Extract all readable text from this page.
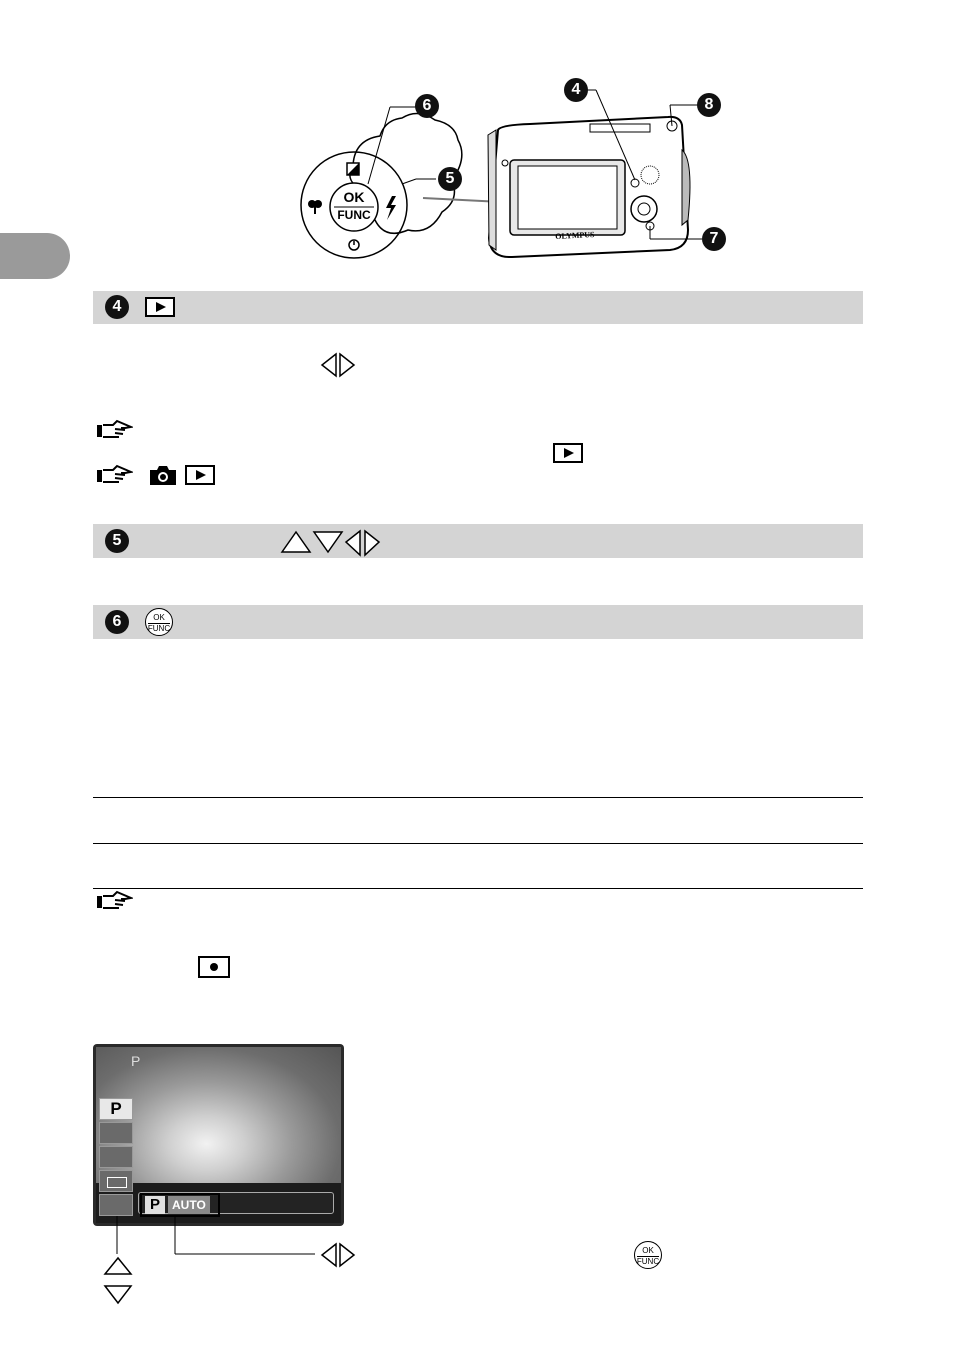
OK
FUNC
OLYMPUS
6
5
4
8
7
4
5
6	OK
FUNC
P
P
P	AUTO
OK
FUNC
